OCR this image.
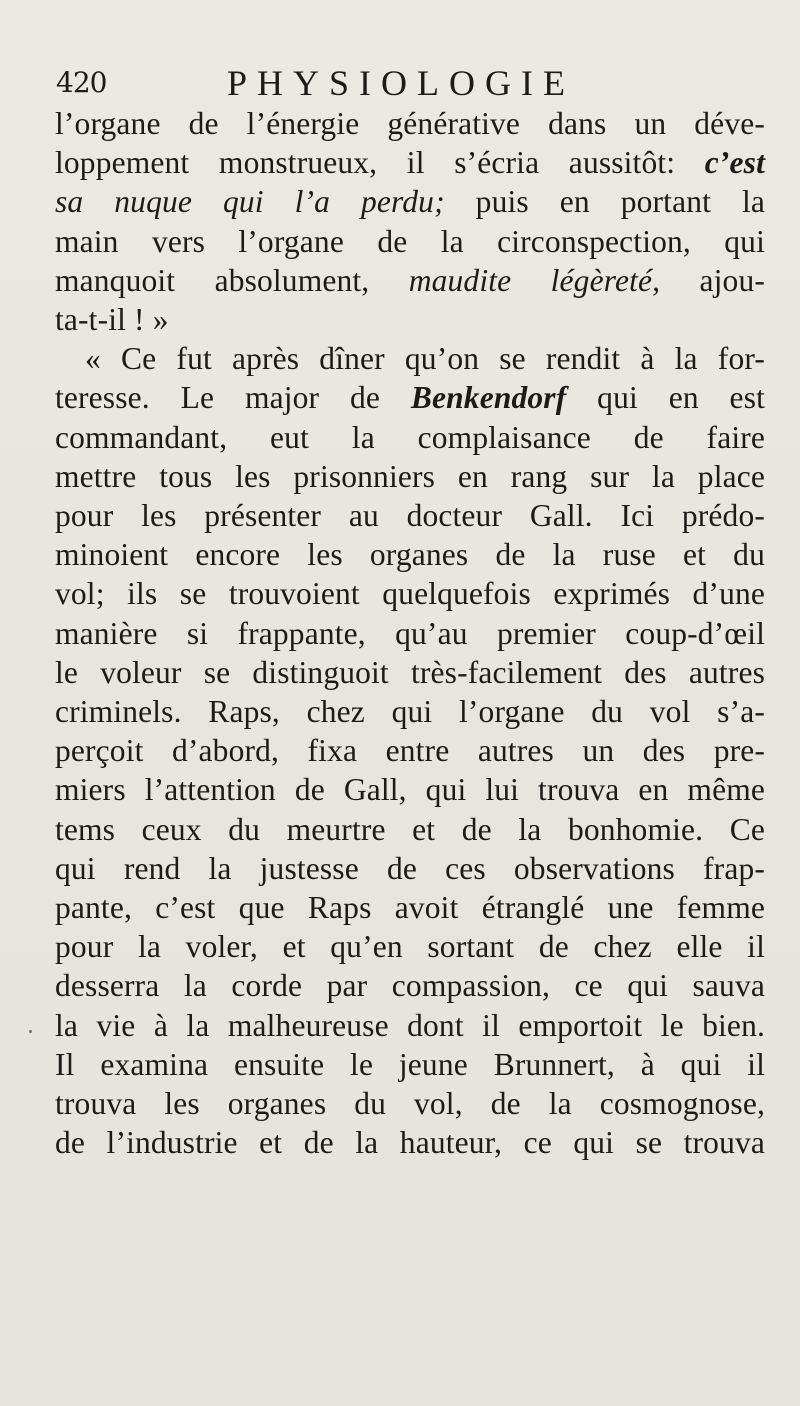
420	PHYSIOLOGIE
l’organe de l’énergie générative dans un déve-
loppement monstrueux, il s’écria aussitôt: c’est
sa nuque qui l’a perdu; puis en portant la
main vers l’organe de la circonspection, qui
manquoit absolument, maudite légèreté, ajou-
ta-t-il ! »
« Ce fut après dîner qu’on se rendit à la for-
teresse. Le major de Benkendorf qui en est
commandant, eut la complaisance de faire
mettre tous les prisonniers en rang sur la place
pour les présenter au docteur Gall. Ici prédo-
minoient encore les organes de la ruse et du
vol; ils se trouvoient quelquefois exprimés d’une
manière si frappante, qu’au premier coup-d’œil
le voleur se distinguoit très-facilement des autres
criminels. Raps, chez qui l’organe du vol s’a-
perçoit d’abord, fixa entre autres un des pre-
miers l’attention de Gall, qui lui trouva en même
tems ceux du meurtre et de la bonhomie. Ce
qui rend la justesse de ces observations frap-
pante, c’est que Raps avoit étranglé une femme
pour la voler, et qu’en sortant de chez elle il
desserra la corde par compassion, ce qui sauva
la vie à la malheureuse dont il emportoit le bien.
Il examina ensuite le jeune Brunnert, à qui il
trouva les organes du vol, de la cosmognose,
de l’industrie et de la hauteur, ce qui se trouva
